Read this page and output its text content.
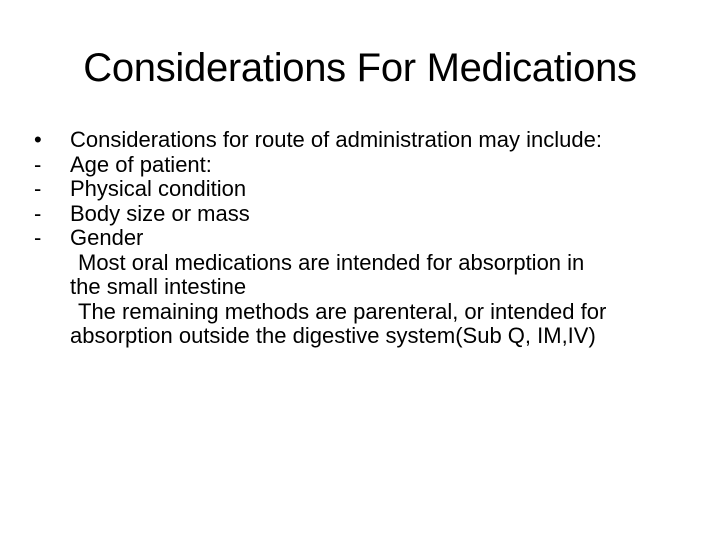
Considerations For Medications
•	Considerations for route of administration may include:
-	Age of patient:
-	Physical condition
-	Body size or mass
-	Gender
Most oral medications are intended for absorption in
the small intestine
The remaining methods are parenteral, or intended for
absorption outside the digestive system(Sub Q, IM,IV)
